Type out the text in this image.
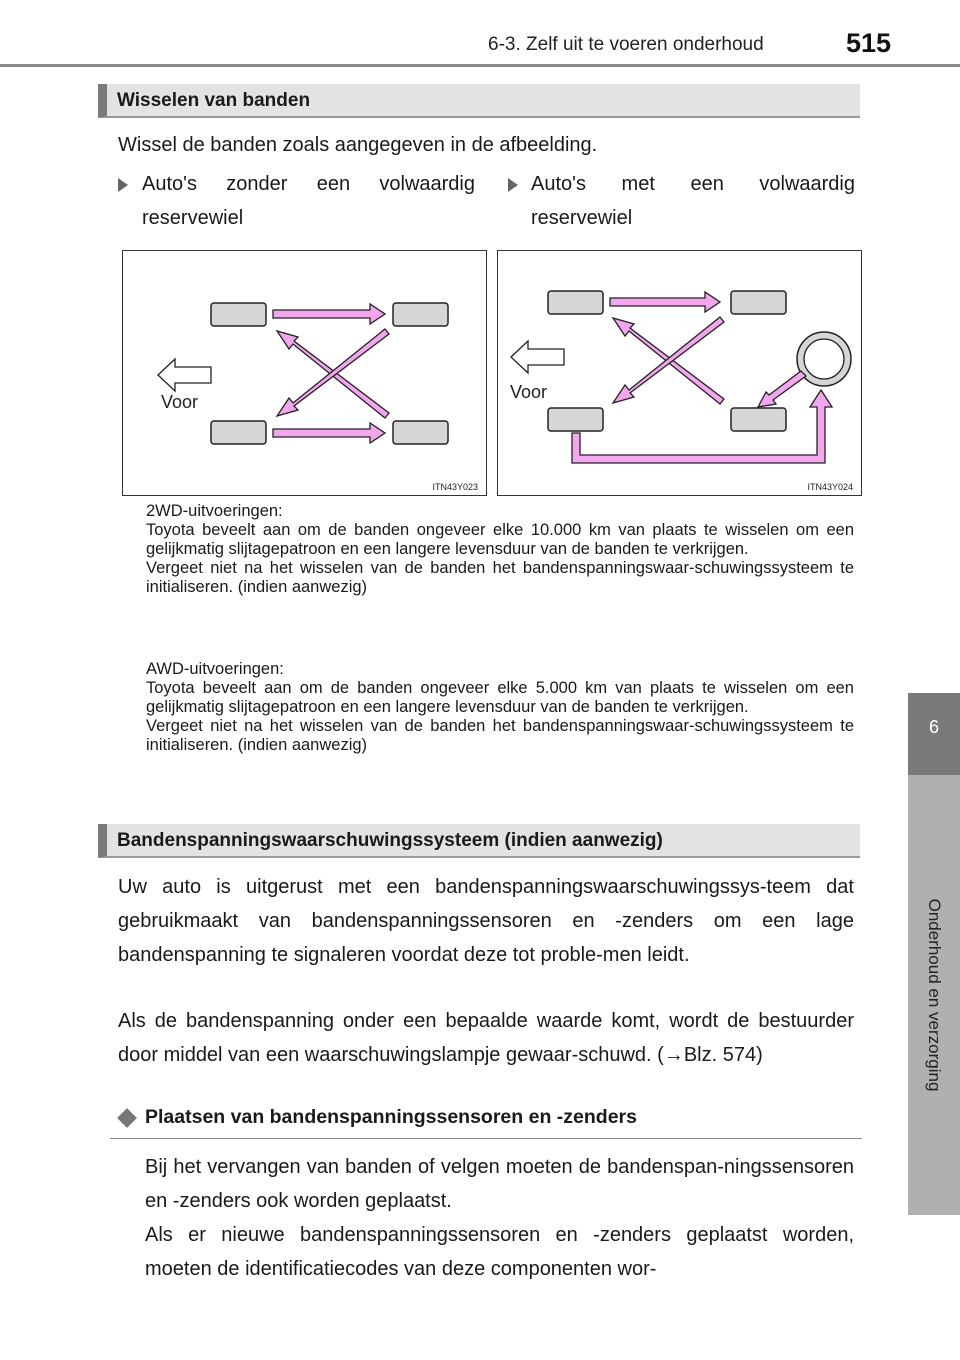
6-3. Zelf uit te voeren onderhoud	515
6
Onderhoud en verzorging
Wisselen van banden
Wissel de banden zoals aangegeven in de afbeelding.
Auto's zonder een volwaardig reservewiel
Auto's met een volwaardig reservewiel
Voor
ITN43Y023
Voor
ITN43Y024
2WD-uitvoeringen:
Toyota beveelt aan om de banden ongeveer elke 10.000 km van plaats te wisselen om een gelijkmatig slijtagepatroon en een langere levensduur van de banden te verkrijgen.
Vergeet niet na het wisselen van de banden het bandenspanningswaar-schuwingssysteem te initialiseren. (indien aanwezig)
AWD-uitvoeringen:
Toyota beveelt aan om de banden ongeveer elke 5.000 km van plaats te wisselen om een gelijkmatig slijtagepatroon en een langere levensduur van de banden te verkrijgen.
Vergeet niet na het wisselen van de banden het bandenspanningswaar-schuwingssysteem te initialiseren. (indien aanwezig)
Bandenspanningswaarschuwingssysteem (indien aanwezig)
Uw auto is uitgerust met een bandenspanningswaarschuwingssys-teem dat gebruikmaakt van bandenspanningssensoren en -zenders om een lage bandenspanning te signaleren voordat deze tot proble-men leidt.
Als de bandenspanning onder een bepaalde waarde komt, wordt de bestuurder door middel van een waarschuwingslampje gewaar-schuwd. (→Blz. 574)
Plaatsen van bandenspanningssensoren en -zenders
Bij het vervangen van banden of velgen moeten de bandenspan-ningssensoren en -zenders ook worden geplaatst.
Als er nieuwe bandenspanningssensoren en -zenders geplaatst worden, moeten de identificatiecodes van deze componenten wor-
